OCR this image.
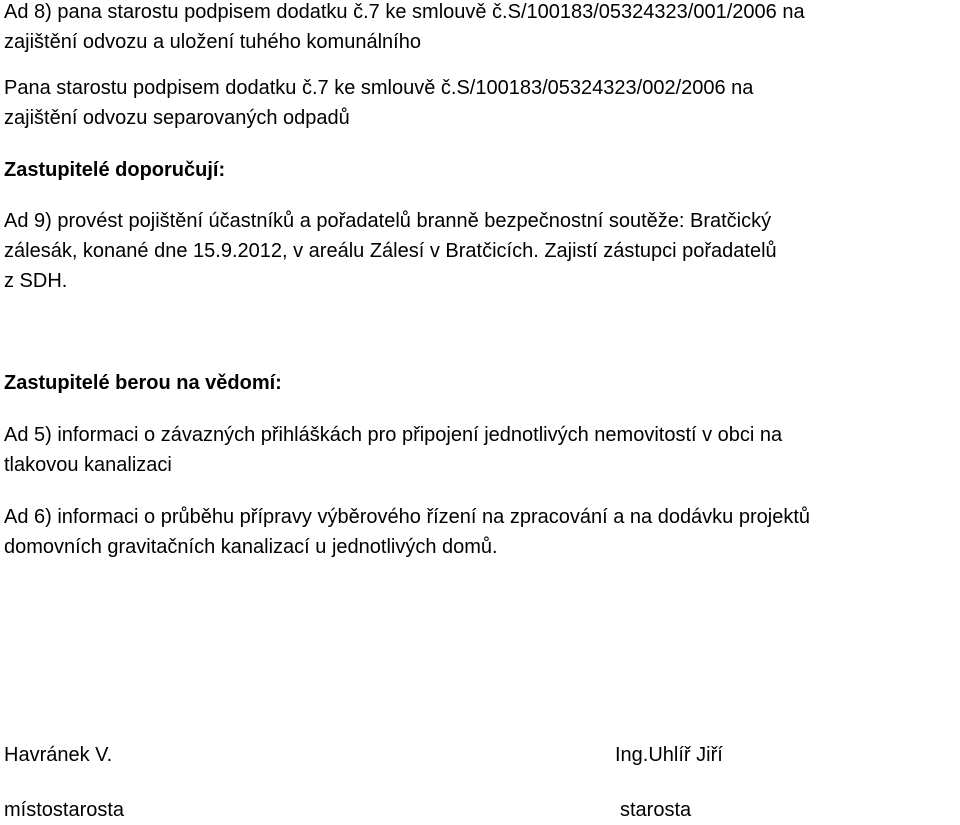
Ad 8) pana starostu podpisem dodatku č.7 ke smlouvě č.S/100183/05324323/001/2006 na
zajištění odvozu a uložení tuhého komunálního
Pana starostu podpisem dodatku č.7 ke smlouvě č.S/100183/05324323/002/2006 na
zajištění odvozu separovaných odpadů
Zastupitelé doporučují:
Ad 9) provést pojištění účastníků a pořadatelů branně bezpečnostní soutěže: Bratčický
zálesák, konané dne 15.9.2012, v areálu Zálesí v Bratčicích. Zajistí zástupci pořadatelů
z SDH.
Zastupitelé berou na vědomí:
Ad 5) informaci o závazných přihláškách pro připojení jednotlivých nemovitostí v obci na
tlakovou kanalizaci
Ad 6) informaci o průběhu přípravy výběrového řízení na zpracování a na dodávku projektů
domovních gravitačních kanalizací u jednotlivých domů.
Havránek V.
místostarosta
Ing.Uhlíř Jiří
starosta
